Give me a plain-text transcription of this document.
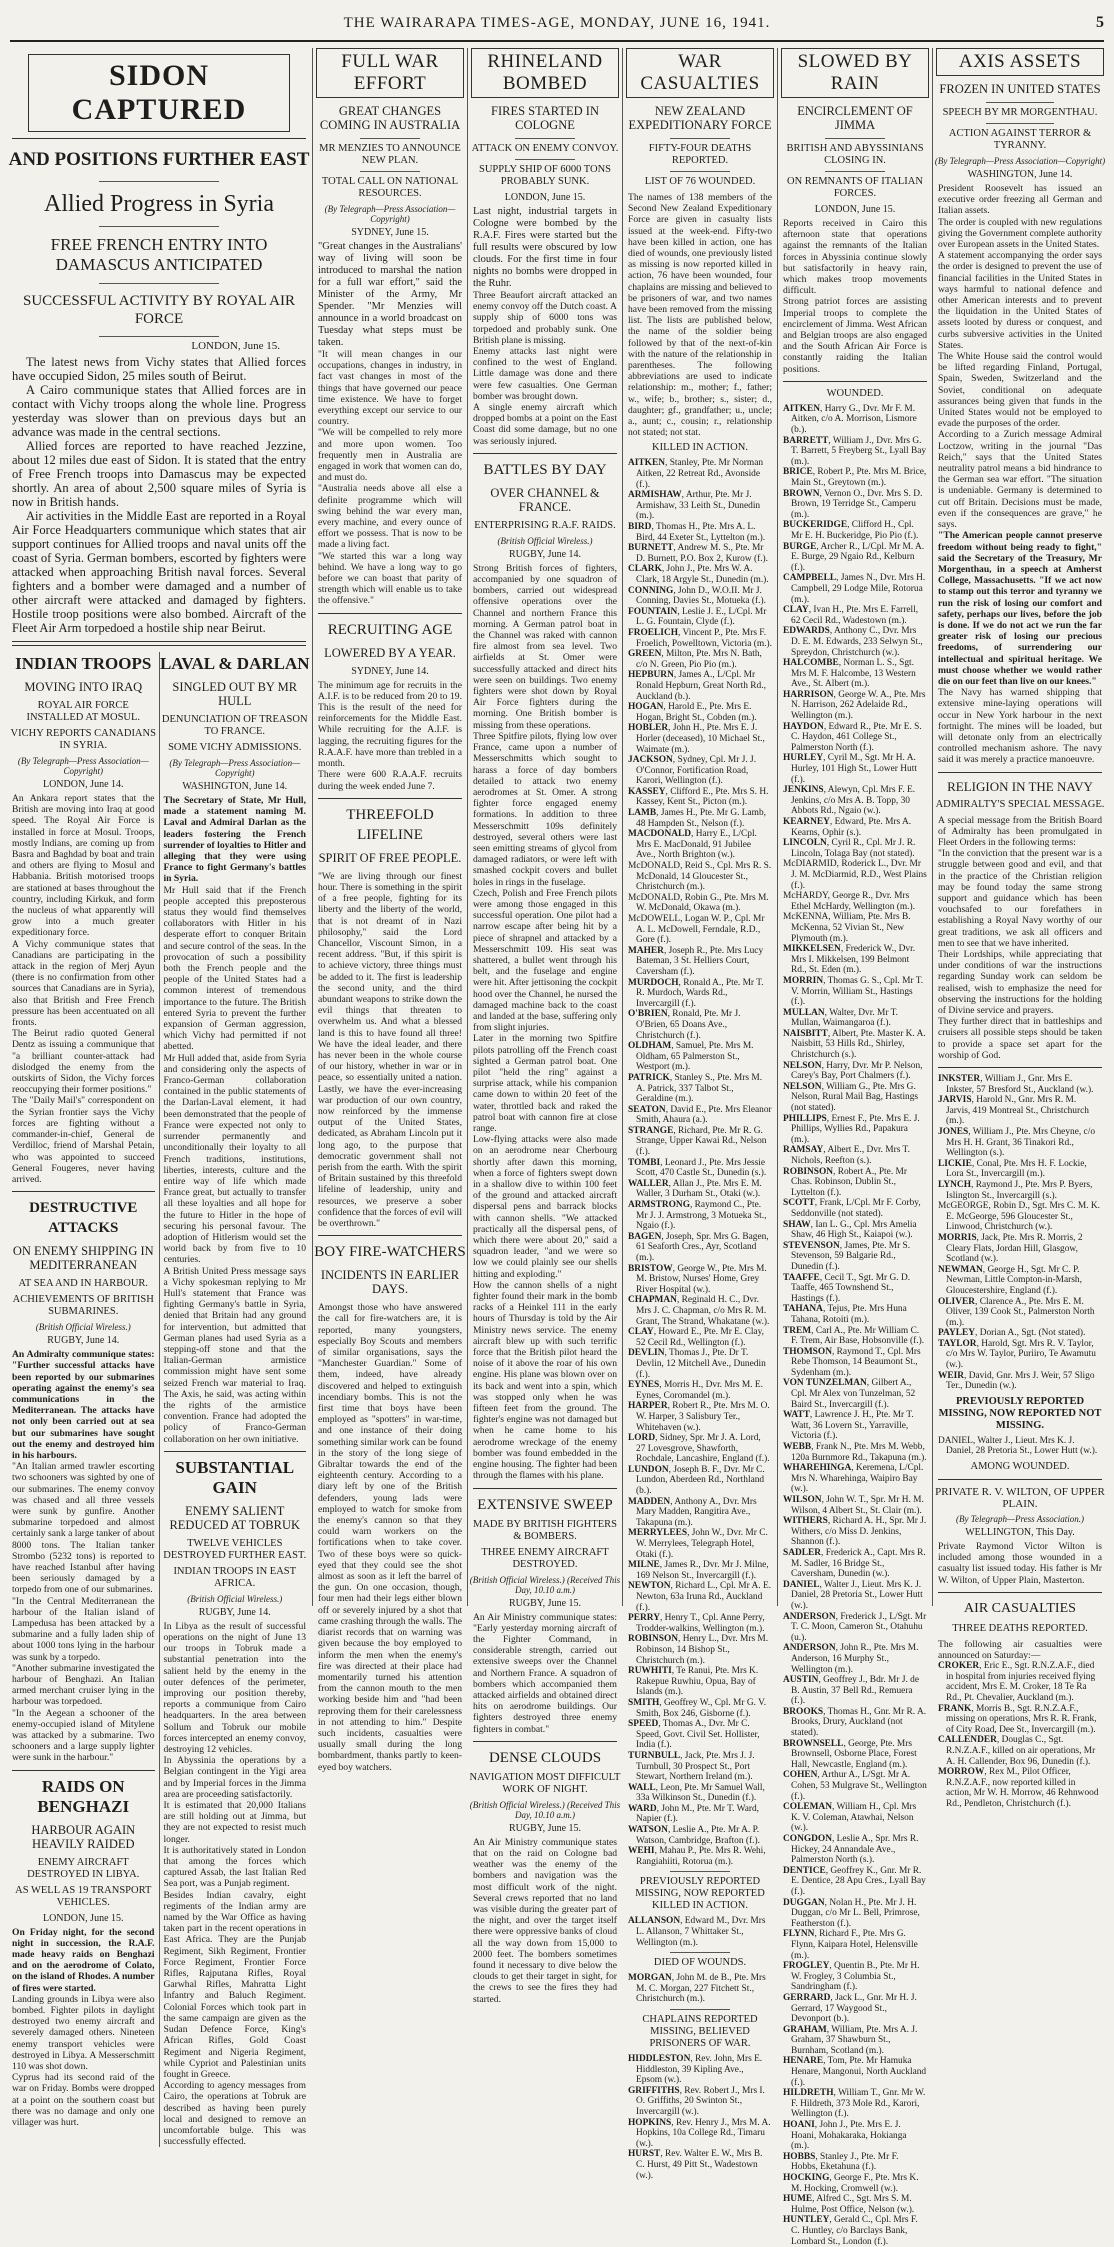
THE WAIRARAPA TIMES-AGE, MONDAY, JUNE 16, 1941.	5
SIDON CAPTURED
AND POSITIONS FURTHER EAST
Allied Progress in Syria
FREE FRENCH ENTRY INTO DAMASCUS ANTICIPATED
SUCCESSFUL ACTIVITY BY ROYAL AIR FORCE
LONDON, June 15.

The latest news from Vichy states that Allied forces have occupied Sidon, 25 miles south of Beirut.

A Cairo communique states that Allied forces are in contact with Vichy troops along the whole line. Progress yesterday was slower than on previous days but an advance was made in the central sections.

Allied forces are reported to have reached Jezzine, about 12 miles due east of Sidon. It is stated that the entry of Free French troops into Damascus may be expected shortly. An area of about 2,500 square miles of Syria is now in British hands.

Air activities in the Middle East are reported in a Royal Air Force Headquarters communique which states that air support continues for Allied troops and naval units off the coast of Syria. German bombers, escorted by fighters were attacked when approaching British naval forces. Several fighters and a bomber were damaged and a number of other aircraft were attacked and damaged by fighters. Hostile troop positions were also bombed. Aircraft of the Fleet Air Arm torpedoed a hostile ship near Beirut.

INDIAN TROOPS
MOVING INTO IRAQ
ROYAL AIR FORCE INSTALLED AT MOSUL.
VICHY REPORTS CANADIANS IN SYRIA.
(By Telegraph—Press Association—Copyright)
LONDON, June 14.

An Ankara report states that the British are moving into Iraq at good speed. The Royal Air Force is installed in force at Mosul. Troops, mostly Indians, are coming up from Basra and Baghdad by boat and train and others are flying to Mosul and Habbania. British motorised troops are stationed at bases throughout the country, including Kirkuk, and form the nucleus of what apparently will grow into a much greater expeditionary force.

A Vichy communique states that Canadians are participating in the attack in the region of Merj Ayun (there is no confirmation from other sources that Canadians are in Syria), also that British and Free French pressure has been accentuated on all fronts.

The Beirut radio quoted General Dentz as issuing a communique that "a brilliant counter-attack had dislodged the enemy from the outskirts of Sidon, the Vichy forces reoccupying their former positions."

The "Daily Mail's" correspondent on the Syrian frontier says the Vichy forces are fighting without a commander-in-chief, General de Verdilloc, friend of Marshal Petain, who was appointed to succeed General Fougeres, never having arrived.

DESTRUCTIVE ATTACKS
ON ENEMY SHIPPING IN MEDITERRANEAN
AT SEA AND IN HARBOUR.
ACHIEVEMENTS OF BRITISH SUBMARINES.
(British Official Wireless.)
RUGBY, June 14.

An Admiralty communique states: "Further successful attacks have been reported by our submarines operating against the enemy's sea communications in the Mediterranean. The attacks have not only been carried out at sea but our submarines have sought out the enemy and destroyed him in his harbours.

"An Italian armed trawler escorting two schooners was sighted by one of our submarines. The enemy convoy was chased and all three vessels were sunk by gunfire. Another submarine torpedoed and almost certainly sank a large tanker of about 8000 tons. The Italian tanker Strombo (5232 tons) is reported to have reached Istanbul after having been seriously damaged by a torpedo from one of our submarines.

"In the Central Mediterranean the harbour of the Italian island of Lampedusa has been attacked by a submarine and a fully laden ship of about 1000 tons lying in the harbour was sunk by a torpedo.

"Another submarine investigated the harbour of Benghazi. An Italian armed merchant cruiser lying in the harbour was torpedoed.

"In the Aegean a schooner of the enemy-occupied island of Mitylene was attacked by a submarine. Two schooners and a large supply lighter were sunk in the harbour."

RAIDS ON BENGHAZI
HARBOUR AGAIN HEAVILY RAIDED
ENEMY AIRCRAFT DESTROYED IN LIBYA.
AS WELL AS 19 TRANSPORT VEHICLES.
LONDON, June 15.

On Friday night, for the second night in succession, the R.A.F. made heavy raids on Benghazi and on the aerodrome of Colato, on the island of Rhodes. A number of fires were started.

Landing grounds in Libya were also bombed. Fighter pilots in daylight destroyed two enemy aircraft and severely damaged others. Nineteen enemy transport vehicles were destroyed in Libya. A Messerschmitt 110 was shot down.

Cyprus had its second raid of the war on Friday. Bombs were dropped at a point on the southern coast but there was no damage and only one villager was hurt.

LAVAL & DARLAN
SINGLED OUT BY MR HULL
DENUNCIATION OF TREASON TO FRANCE.
SOME VICHY ADMISSIONS.
(By Telegraph—Press Association—Copyright)
WASHINGTON, June 14.

The Secretary of State, Mr Hull, made a statement naming M. Laval and Admiral Darlan as the leaders fostering the French surrender of loyalties to Hitler and alleging that they were using France to fight Germany's battles in Syria.

Mr Hull said that if the French people accepted this preposterous status they would find themselves collaborators with Hitler in his desperate effort to conquer Britain and secure control of the seas. In the provocation of such a possibility both the French people and the people of the United States had a common interest of tremendous importance to the future. The British entered Syria to prevent the further expansion of German aggression, which Vichy had permitted if not abetted.

Mr Hull added that, aside from Syria and considering only the aspects of Franco-German collaboration contained in the public statements of the Darlan-Laval element, it had been demonstrated that the people of France were expected not only to surrender permanently and unconditionally their loyalty to all French traditions, institutions, liberties, interests, culture and the entire way of life which made France great, but actually to transfer all these loyalties and all hope for the future to Hitler in the hope of securing his personal favour. The adoption of Hitlerism would set the world back by from five to 10 centuries.

A British United Press message says a Vichy spokesman replying to Mr Hull's statement that France was fighting Germany's battle in Syria, denied that Britain had any ground for intervention, but admitted that German planes had used Syria as a stepping-off stone and that the Italian-German armistice commission might have sent some seized French war material to Iraq. The Axis, he said, was acting within the rights of the armistice convention. France had adopted the policy of Franco-German collaboration on her own initiative.

SUBSTANTIAL GAIN
ENEMY SALIENT REDUCED AT TOBRUK
TWELVE VEHICLES DESTROYED FURTHER EAST.
INDIAN TROOPS IN EAST AFRICA.
(British Official Wireless.)
RUGBY, June 14.

In Libya as the result of successful operations on the night of June 13 our troops in Tobruk made a substantial penetration into the salient held by the enemy in the outer defences of the perimeter, improving our position thereby, reports a communique from Cairo headquarters. In the area between Sollum and Tobruk our mobile forces intercepted an enemy convoy, destroying 12 vehicles.

In Abyssinia the operations by a Belgian contingent in the Yigi area and by Imperial forces in the Jimma area are proceeding satisfactorily.

It is estimated that 20,000 Italians are still holding out at Jimma, but they are not expected to resist much longer.

It is authoritatively stated in London that among the forces which captured Assab, the last Italian Red Sea port, was a Punjab regiment.

Besides Indian cavalry, eight regiments of the Indian army are named by the War Office as having taken part in the recent operations in East Africa. They are the Punjab Regiment, Sikh Regiment, Frontier Force Regiment, Frontier Force Rifles, Rajputana Rifles, Royal Garwhal Rifles, Mahratta Light Infantry and Baluch Regiment. Colonial Forces which took part in the same campaign are given as the Sudan Defence Force, King's African Rifles, Gold Coast Regiment and Nigeria Regiment, while Cypriot and Palestinian units fought in Greece.

According to agency messages from Cairo, the operations at Tobruk are described as having been purely local and designed to remove an uncomfortable bulge. This was successfully effected.

FULL WAR EFFORT
GREAT CHANGES COMING IN AUSTRALIA
MR MENZIES TO ANNOUNCE NEW PLAN.
TOTAL CALL ON NATIONAL RESOURCES.
(By Telegraph—Press Association—Copyright)
SYDNEY, June 15.

"Great changes in the Australians' way of living will soon be introduced to marshal the nation for a full war effort," said the Minister of the Army, Mr Spender. "Mr Menzies will announce in a world broadcast on Tuesday what steps must be taken.

"It will mean changes in our occupations, changes in industry, in fact vast changes in most of the things that have governed our peace time existence. We have to forget everything except our service to our country.

"We will be compelled to rely more and more upon women. Too frequently men in Australia are engaged in work that women can do, and must do.

"Australia needs above all else a definite programme which will swing behind the war every man, every machine, and every ounce of effort we possess. That is now to be made a living fact.

"We started this war a long way behind. We have a long way to go before we can boast that parity of strength which will enable us to take the offensive."

RECRUITING AGE
LOWERED BY A YEAR.
SYDNEY, June 14.

The minimum age for recruits in the A.I.F. is to be reduced from 20 to 19. This is the result of the need for reinforcements for the Middle East. While recruiting for the A.I.F. is lagging, the recruiting figures for the R.A.A.F. have more than trebled in a month.

There were 600 R.A.A.F. recruits during the week ended June 7.

THREEFOLD LIFELINE
SPIRIT OF FREE PEOPLE.

"We are living through our finest hour. There is something in the spirit of a free people, fighting for its liberty and the liberty of the world, that is not dreamt of in Nazi philosophy," said the Lord Chancellor, Viscount Simon, in a recent address. "But, if this spirit is to achieve victory, three things must be added to it. The first is leadership the second unity, and the third abundant weapons to strike down the evil things that threaten to overwhelm us. And what a blessed land is this to have found all three! We have the ideal leader, and there has never been in the whole course of our history, whether in war or in peace, so essentially united a nation. Lastly, we have the ever-increasing war production of our own country, now reinforced by the immense output of the United States, dedicated, as Abraham Lincoln put it long ago, to the purpose that democratic government shall not perish from the earth. With the spirit of Britain sustained by this threefold lifeline of leadership, unity and resources, we preserve a sober confidence that the forces of evil will be overthrown."

BOY FIRE-WATCHERS
INCIDENTS IN EARLIER DAYS.

Amongst those who have answered the call for fire-watchers are, it is reported, many youngsters, especially Boy Scouts and members of similar organisations, says the "Manchester Guardian." Some of them, indeed, have already discovered and helped to extinguish incendiary bombs. This is not the first time that boys have been employed as "spotters" in war-time, and one instance of their doing something similar work can be found in the story of the long siege of Gibraltar towards the end of the eighteenth century. According to a diary left by one of the British defenders, young lads were employed to watch for smoke from the enemy's cannon so that they could warn workers on the fortifications when to take cover. Two of these boys were so quick-eyed that they could see the shot almost as soon as it left the barrel of the gun. On one occasion, though, four men had their legs either blown off or severely injured by a shot that came crashing through the walls. The diarist records that on warning was given because the boy employed to inform the men when the enemy's fire was directed at their place had momentarily turned his attention from the cannon mouth to the men working beside him and "had been reproving them for their carelessness in not attending to him." Despite such incidents, casualties were usually small during the long bombardment, thanks partly to keen-eyed boy watchers.

RHINELAND BOMBED
FIRES STARTED IN COLOGNE
ATTACK ON ENEMY CONVOY.
SUPPLY SHIP OF 6000 TONS PROBABLY SUNK.
LONDON, June 15.

Last night, industrial targets in Cologne were bombed by the R.A.F. Fires were started but the full results were obscured by low clouds. For the first time in four nights no bombs were dropped in the Ruhr.

Three Beaufort aircraft attacked an enemy convoy off the Dutch coast. A supply ship of 6000 tons was torpedoed and probably sunk. One British plane is missing.

Enemy attacks last night were confined to the west of England. Little damage was done and there were few casualties. One German bomber was brought down.

A single enemy aircraft which dropped bombs at a point on the East Coast did some damage, but no one was seriously injured.

BATTLES BY DAY
OVER CHANNEL & FRANCE.
ENTERPRISING R.A.F. RAIDS.
(British Official Wireless.)
RUGBY, June 14.

Strong British forces of fighters, accompanied by one squadron of bombers, carried out widespread offensive operations over the Channel and northern France this morning. A German patrol boat in the Channel was raked with cannon fire almost from sea level. Two airfields at St. Omer were successfully attacked and direct hits were seen on buildings. Two enemy fighters were shot down by Royal Air Force fighters during the morning. One British bomber is missing from these operations.

Three Spitfire pilots, flying low over France, came upon a number of Messerschmitts which sought to harass a force of day bombers detailed to attack two enemy aerodromes at St. Omer. A strong fighter force engaged enemy formations. In addition to three Messerschmitt 109s definitely destroyed, several others were last seen emitting streams of glycol from damaged radiators, or were left with smashed cockpit covers and bullet holes in rings in the fuselage.

Czech, Polish and Free French pilots were among those engaged in this successful operation. One pilot had a narrow escape after being hit by a piece of shrapnel and attacked by a Messerschmitt 109. His seat was shattered, a bullet went through his belt, and the fuselage and engine were hit. After jettisoning the cockpit hood over the Channel, he nursed the damaged machine back to the coast and landed at the base, suffering only from slight injuries.

Later in the morning two Spitfire pilots patrolling off the French coast sighted a German patrol boat. One pilot "held the ring" against a surprise attack, while his companion came down to within 20 feet of the water, throttled back and raked the patrol boat with cannon fire at close range.

Low-flying attacks were also made on an aerodrome near Cherbourg shortly after dawn this morning, when a force of fighters swept down in a shallow dive to within 100 feet of the ground and attacked aircraft dispersal pens and barrack blocks with cannon shells. "We attacked practically all the dispersal pens, of which there were about 20," said a squadron leader, "and we were so low we could plainly see our shells hitting and exploding."

How the cannon shells of a night fighter found their mark in the bomb racks of a Heinkel 111 in the early hours of Thursday is told by the Air Ministry news service. The enemy aircraft blew up with such terrific force that the British pilot heard the noise of it above the roar of his own engine. His plane was blown over on its back and went into a spin, which was stopped only when he was fifteen feet from the ground. The fighter's engine was not damaged but when he came home to his aerodrome wreckage of the enemy bomber was found embedded in the engine housing. The fighter had been through the flames with his plane.

EXTENSIVE SWEEP
MADE BY BRITISH FIGHTERS & BOMBERS.
THREE ENEMY AIRCRAFT DESTROYED.
(British Official Wireless.) (Received This Day, 10.10 a.m.)
RUGBY, June 15.

An Air Ministry communique states: "Early yesterday morning aircraft of the Fighter Command, in considerable strength, carried out extensive sweeps over the Channel and Northern France. A squadron of bombers which accompanied them attacked airfields and obtained direct hits on aerodrome buildings. Our fighters destroyed three enemy fighters in combat."

DENSE CLOUDS
NAVIGATION MOST DIFFICULT WORK OF NIGHT.
(British Official Wireless.) (Received This Day, 10.10 a.m.)
RUGBY, June 15.

An Air Ministry communique states that on the raid on Cologne bad weather was the enemy of the bombers and navigation was the most difficult work of the night. Several crews reported that no land was visible during the greater part of the night, and over the target itself there were oppressive banks of cloud all the way down from 15,000 to 2000 feet. The bombers sometimes found it necessary to dive below the clouds to get their target in sight, for the crews to see the fires they had started.

WAR CASUALTIES
NEW ZEALAND EXPEDITIONARY FORCE
FIFTY-FOUR DEATHS REPORTED.
LIST OF 76 WOUNDED.

The names of 138 members of the Second New Zealand Expeditionary Force are given in casualty lists issued at the week-end. Fifty-two have been killed in action, one has died of wounds, one previously listed as missing is now reported killed in action, 76 have been wounded, four chaplains are missing and believed to be prisoners of war, and two names have been removed from the missing list. The lists are published below, the name of the soldier being followed by that of the next-of-kin with the nature of the relationship in parentheses. The following abbreviations are used to indicate relationship: m., mother; f., father; w., wife; b., brother; s., sister; d., daughter; gf., grandfather; u., uncle; a., aunt; c., cousin; r., relationship not stated; not stat.

KILLED IN ACTION.

AITKEN, Stanley, Pte. Mr Norman Aitken, 22 Retreat Rd., Avonside (f.).

ARMISHAW, Arthur, Pte. Mr J. Armishaw, 33 Leith St., Dunedin (m.).

BIRD, Thomas H., Pte. Mrs A. L. Bird, 44 Exeter St., Lyttelton (m.).

BURNETT, Andrew M. S., Pte. Mr D. Burnett, P.O. Box 2, Kurow (f.).

CLARK, John J., Pte. Mrs W. A. Clark, 18 Argyle St., Dunedin (m.).

CONNING, John D., W.O.II. Mr J. Conning, Davies St., Motueka (f.).

FOUNTAIN, Leslie J. E., L/Cpl. Mr L. G. Fountain, Clyde (f.).

FROELICH, Vincent P., Pte. Mrs F. Froelich, Powelltown, Victoria (m.).

GREEN, Milton, Pte. Mrs N. Bath, c/o N. Green, Pio Pio (m.).

HEPBURN, James A., L/Cpl. Mr Ronald Hepburn, Great North Rd., Auckland (b.).

HOGAN, Harold E., Pte. Mrs E. Hogan, Bright St., Cobden (m.).

HOBLER, John H., Pte. Mrs E. J. Horler (deceased), 10 Michael St., Waimate (m.).

JACKSON, Sydney, Cpl. Mr J. J. O'Connor, Fortification Road, Karori, Wellington (f.).

KASSEY, Clifford E., Pte. Mrs S. H. Kassey, Kent St., Picton (m.).

LAMB, James H., Pte. Mr G. Lamb, 48 Hampden St., Nelson (f.).

MACDONALD, Harry E., L/Cpl. Mrs E. MacDonald, 91 Jubilee Ave., North Brighton (w.).

McDONALD, Reid S., Cpl. Mrs R. S. McDonald, 14 Gloucester St., Christchurch (m.).

McDONALD, Robin G., Pte. Mrs M. W. McDonald, Okawa (m.).

McDOWELL, Logan W. P., Cpl. Mr A. L. McDowell, Ferndale, R.D., Gore (f.).

MAHER, Joseph R., Pte. Mrs Lucy Bateman, 3 St. Helliers Court, Caversham (f.).

MURDOCH, Ronald A., Pte. Mr T. R. Murdoch, Wards Rd., Invercargill (f.).

O'BRIEN, Ronald, Pte. Mr J. O'Brien, 65 Doans Ave., Christchurch (f.).

OLDHAM, Samuel, Pte. Mrs M. Oldham, 65 Palmerston St., Westport (m.).

PATRICK, Stanley S., Pte. Mrs M. A. Patrick, 337 Talbot St., Geraldine (m.).

SEATON, David E., Pte. Mrs Eleanor Smith, Ahaura (a.).

STRANGE, Richard, Pte. Mr R. G. Strange, Upper Kawai Rd., Nelson (f.).

TOMBI, Leonard J., Pte. Mrs Jessie Scott, 470 Castle St., Dunedin (s.).

WALLER, Allan J., Pte. Mrs E. M. Waller, 3 Durham St., Otaki (w.).

ARMSTRONG, Raymond C., Pte. Mr J. J. Armstrong, 3 Motueka St., Ngaio (f.).

BAGEN, Joseph, Spr. Mrs G. Bagen, 61 Seaforth Cres., Ayr, Scotland (m.).

BRISTOW, George W., Pte. Mrs M. M. Bristow, Nurses' Home, Grey River Hospital (w.).

CHAPMAN, Reginald H. C., Dvr. Mrs J. C. Chapman, c/o Mrs R. M. Grant, The Strand, Whakatane (w.).

CLAY, Howard E., Pte. Mr E. Clay, 52 Cecil Rd., Wellington (f.).

DEVLIN, Thomas J., Pte. Dr T. Devlin, 12 Mitchell Ave., Dunedin (f.).

EYNES, Morris H., Dvr. Mrs M. E. Eynes, Coromandel (m.).

HARPER, Robert R., Pte. Mrs M. O. W. Harper, 3 Salisbury Ter., Whitehaven (w.).

LORD, Sidney, Spr. Mr J. A. Lord, 27 Lovesgrove, Shawforth, Rochdale, Lancashire, England (f.).

LUNDON, Joseph B. F., Dvr. Mr C. Lundon, Aberdeen Rd., Northland (b.).

MADDEN, Anthony A., Dvr. Mrs Mary Madden, Rangitira Ave., Takapuna (m.).

MERRYLEES, John W., Dvr. Mr C. W. Merrylees, Telegraph Hotel, Otaki (f.).

MILNE, James R., Dvr. Mr J. Milne, 169 Nelson St., Invercargill (f.).

NEWTON, Richard L., Cpl. Mr A. E. Newton, 63a Iruna Rd., Auckland (f.).

PERRY, Henry T., Cpl. Anne Perry, Trodder-walkins, Wellington (m.).

ROBINSON, Henry L., Dvr. Mrs M. Robinson, 14 Bishop St., Christchurch (m.).

RUWHITI, Te Ranui, Pte. Mrs K. Rakepue Ruwhiu, Opua, Bay of Islands (m.).

SMITH, Geoffrey W., Cpl. Mr G. V. Smith, Box 246, Gisborne (f.).

SPEED, Thomas A., Dvr. Mr C. Speed, Govt. Civil Set. Hollister, India (f.).

TURNBULL, Jack, Pte. Mrs J. J. Turnbull, 30 Prospect St., Port Stewart, Northern Ireland (m.).

WALL, Leon, Pte. Mr Samuel Wall, 33a Wilkinson St., Dunedin (f.).

WARD, John M., Pte. Mr T. Ward, Napier (f.).

WATSON, Leslie A., Pte. Mr A. P. Watson, Cambridge, Brafton (f.).

WEHI, Mahau P., Pte. Mrs R. Wehi, Rangiahiiti, Rotorua (m.).

PREVIOUSLY REPORTED MISSING, NOW REPORTED KILLED IN ACTION.

ALLANSON, Edward M., Dvr. Mrs L. Allanson, 7 Whittaker St., Wellington (m.).

DIED OF WOUNDS.

MORGAN, John M. de B., Pte. Mrs M. C. Morgan, 227 Fitchett St., Christchurch (m.).

CHAPLAINS REPORTED MISSING, BELIEVED PRISONERS OF WAR.

HIDDLESTON, Rev. John, Mrs E. Hiddleston, 39 Kipling Ave., Epsom (w.).

GRIFFITHS, Rev. Robert J., Mrs I. O. Griffiths, 20 Swinton St., Invercargill (w.).

HOPKINS, Rev. Henry J., Mrs M. A. Hopkins, 10a College Rd., Timaru (w.).

HURST, Rev. Walter E. W., Mrs B. C. Hurst, 49 Pitt St., Wadestown (w.).

SLOWED BY RAIN
ENCIRCLEMENT OF JIMMA
BRITISH AND ABYSSINIANS CLOSING IN.
ON REMNANTS OF ITALIAN FORCES.
LONDON, June 15.

Reports received in Cairo this afternoon state that operations against the remnants of the Italian forces in Abyssinia continue slowly but satisfactorily in heavy rain, which makes troop movements difficult.

Strong patriot forces are assisting Imperial troops to complete the encirclement of Jimma. West African and Belgian troops are also engaged and the South African Air Force is constantly raiding the Italian positions.

WOUNDED.

AITKEN, Harry G., Dvr. Mr F. M. Aitken, c/o A. Morrison, Lismore (b.).

BARRETT, William J., Dvr. Mrs G. T. Barrett, 5 Freyberg St., Lyall Bay (m.).

BRICE, Robert P., Pte. Mrs M. Brice, Main St., Greytown (m.).

BROWN, Vernon O., Dvr. Mrs S. D. Brown, 19 Terridge St., Camperu (m.).

BUCKERIDGE, Clifford H., Cpl. Mr E. H. Buckeridge, Pio Pio (f.).

BURGE, Archer R., L/Cpl. Mr M. A. E. Burge, 29 Ngaio Rd., Kelburn (f.).

CAMPBELL, James N., Dvr. Mrs H. Campbell, 29 Lodge Mile, Rotorua (m.).

CLAY, Ivan H., Pte. Mrs E. Farrell, 62 Cecil Rd., Wadestown (m.).

EDWARDS, Anthony C., Dvr. Mrs D. E. M. Edwards, 233 Selwyn St., Spreydon, Christchurch (w.).

HALCOMBE, Norman L. S., Sgt. Mrs M. F. Halcombe, 13 Western Ave., St. Albert (m.).

HARRISON, George W. A., Pte. Mrs N. Harrison, 262 Adelaide Rd., Wellington (m.).

HAYDON, Edward R., Pte. Mr E. S. C. Haydon, 461 College St., Palmerston North (f.).

HURLEY, Cyril M., Sgt. Mr H. A. Hurley, 101 High St., Lower Hutt (f.).

JENKINS, Alewyn, Cpl. Mrs F. E. Jenkins, c/o Mrs A. B. Topp, 30 Abbots Rd., Ngaio (w.).

KEARNEY, Edward, Pte. Mrs A. Kearns, Ophir (s.).

LINCOLN, Cyril R., Cpl. Mr J. R. Lincoln, Tolaga Bay (not stated).

McDIARMID, Roderick L., Dvr. Mr J. M. McDiarmid, R.D., West Plains (f.).

McHARDY, George R., Dvr. Mrs Ethel McHardy, Wellington (m.).

McKENNA, William, Pte. Mrs B. McKenna, 52 Vivian St., New Plymouth (m.).

MIKKELSEN, Frederick W., Dvr. Mrs I. Mikkelsen, 199 Belmont Rd., St. Eden (m.).

MORRIN, Thomas G. S., Cpl. Mr T. V. Morrin, William St., Hastings (f.).

MULLAN, Walter, Dvr. Mr T. Mullan, Waimangaroa (f.).

NAISBITT, Albert, Pte. Master K. A. Naisbitt, 53 Hills Rd., Shirley, Christchurch (s.).

NELSON, Harry, Dvr. Mr P. Nelson, Carey's Bay, Port Chalmers (f.).

NELSON, William G., Pte. Mrs G. Nelson, Rural Mail Bag, Hastings (not stated).

PHILLIPS, Ernest F., Pte. Mrs E. J. Phillips, Wyllies Rd., Papakura (m.).

RAMSAY, Albert E., Dvr. Mrs T. Nichols, Reefton (s.).

ROBINSON, Robert A., Pte. Mr Chas. Robinson, Dublin St., Lyttelton (f.).

SCOTT, Frank, L/Cpl. Mr F. Corby, Seddonville (not stated).

SHAW, Ian L. G., Cpl. Mrs Amelia Shaw, 46 High St., Kaiapoi (w.).

STEVENSON, James, Pte. Mr S. Stevenson, 59 Balgarie Rd., Dunedin (f.).

TAAFFE, Cecil T., Sgt. Mr G. D. Taaffe, 465 Townshend St., Hastings (f.).

TAHANA, Tejus, Pte. Mrs Huna Tahana, Rotoiti (m.).

TREM, Carl A., Pte. Mr William C. F. Trem, Air Base, Hobsonville (f.).

THOMSON, Raymond T., Cpl. Mrs Rebe Thomson, 14 Beaumont St., Sydenham (m.).

VON TUNZELMAN, Gilbert A., Cpl. Mr Alex von Tunzelman, 52 Baird St., Invercargill (f.).

WATT, Lawrence J. H., Pte. Mr T. Watt, 36 Lovern St., Yarraville, Victoria (f.).

WEBB, Frank N., Pte. Mrs M. Webb, 120a Burnmore Rd., Takapuna (m.).

WHAREHINGA, Keremena, L/Cpl. Mrs N. Wharehinga, Waipiro Bay (w.).

WILSON, John W. T., Spr. Mr H. M. Wilson, 4 Albert St., St. Clair (m.).

WITHERS, Richard A. H., Spr. Mr J. Withers, c/o Miss D. Jenkins, Shannon (f.).

SADLER, Frederick A., Capt. Mrs R. M. Sadler, 16 Bridge St., Caversham, Dunedin (w.).

DANIEL, Walter J., Lieut. Mrs K. J. Daniel, 28 Pretoria St., Lower Hutt (w.).

ANDERSON, Frederick J., L/Sgt. Mr T. C. Moon, Cameron St., Otahuhu (u.).

ANDERSON, John R., Pte. Mrs M. Anderson, 16 Murphy St., Wellington (m.).

AUSTIN, Geoffrey J., Bdr. Mr J. de B. Austin, 37 Bell Rd., Remuera (f.).

BROOKS, Thomas H., Gnr. Mr R. A. Brooks, Drury, Auckland (not stated).

BROWNSELL, George, Pte. Mrs Brownsell, Osborne Place, Forest Hall, Newcastle, England (m.).

COHEN, Arthur A., L/Sgt. Mr A. Cohen, 53 Mulgrave St., Wellington (f.).

COLEMAN, William H., Cpl. Mrs K. V. Coleman, Atawhai, Nelson (w.).

CONGDON, Leslie A., Spr. Mrs R. Hickey, 24 Annandale Ave., Palmerston North (s.).

DENTICE, Geoffrey K., Gnr. Mr R. E. Dentice, 28 Apu Cres., Lyall Bay (f.).

DUGGAN, Nolan H., Pte. Mr J. H. Duggan, c/o Mr L. Bell, Primrose, Featherston (f.).

FLYNN, Richard F., Pte. Mrs G. Flynn, Kaipara Hotel, Helensville (m.).

FROGLEY, Quentin B., Pte. Mr H. W. Frogley, 3 Columbia St., Sandringham (f.).

GERRARD, Jack L., Gnr. Mr H. J. Gerrard, 17 Waygood St., Devonport (b.).

GRAHAM, William, Pte. Mrs A. J. Graham, 37 Shawburn St., Burnham, Scotland (m.).

HENARE, Tom, Pte. Mr Hamuka Henare, Mangonui, North Auckland (f.).

HILDRETH, William T., Gnr. Mr W. F. Hildreth, 373 Mole Rd., Karori, Wellington (f.).

HOANI, John J., Pte. Mrs E. J. Hoani, Mohakaraka, Hokianga (m.).

HOBBS, Stanley J., Pte. Mr F. Hobbs, Eketahuna (f.).

HOCKING, George F., Pte. Mrs K. M. Hocking, Cromwell (w.).

HUME, Alfred C., Sgt. Mrs S. M. Hulme, Post Office, Nelson (w.).

HUNTLEY, Gerald C., Cpl. Mrs F. C. Huntley, c/o Barclays Bank, Lombard St., London (f.).

AXIS ASSETS
FROZEN IN UNITED STATES
SPEECH BY MR MORGENTHAU.
ACTION AGAINST TERROR & TYRANNY.
(By Telegraph—Press Association—Copyright)
WASHINGTON, June 14.

President Roosevelt has issued an executive order freezing all German and Italian assets.

The order is coupled with new regulations giving the Government complete authority over European assets in the United States.

A statement accompanying the order says the order is designed to prevent the use of financial facilities in the United States in ways harmful to national defence and other American interests and to prevent the liquidation in the United States of assets looted by duress or conquest, and curbs subversive activities in the United States.

The White House said the control would be lifted regarding Finland, Portugal, Spain, Sweden, Switzerland and the Soviet, conditional on adequate assurances being given that funds in the United States would not be employed to evade the purposes of the order.

According to a Zurich message Admiral Loctzow, writing in the journal "Das Reich," says that the United States neutrality patrol means a bid hindrance to the German sea war effort. "The situation is undeniable. Germany is determined to cut off Britain. Decisions must be made, even if the consequences are grave," he says.

"The American people cannot preserve freedom without being ready to fight," said the Secretary of the Treasury, Mr Morgenthau, in a speech at Amherst College, Massachusetts. "If we act now to stamp out this terror and tyranny we run the risk of losing our comfort and safety, perhaps our lives, before the job is done. If we do not act we run the far greater risk of losing our precious freedoms, of surrendering our intellectual and spiritual heritage. We must choose whether we would rather die on our feet than live on our knees."

The Navy has warned shipping that extensive mine-laying operations will occur in New York harbour in the next fortnight. The mines will be loaded, but will detonate only from an electrically controlled mechanism ashore. The navy said it was merely a practice manoeuvre.

RELIGION IN THE NAVY
ADMIRALTY'S SPECIAL MESSAGE.

A special message from the British Board of Admiralty has been promulgated in Fleet Orders in the following terms:

"In the conviction that the present war is a struggle between good and evil, and that in the practice of the Christian religion may be found today the same strong support and guidance which has been vouchsafed to our forefathers in establishing a Royal Navy worthy of our great traditions, we ask all officers and men to see that we have inherited.

Their Lordships, while appreciating that under conditions of war the instructions regarding Sunday work can seldom be realised, wish to emphasize the need for observing the instructions for the holding of Divine service and prayers.

They further direct that in battleships and cruisers all possible steps should be taken to provide a space set apart for the worship of God.

INKSTER, William J., Gnr. Mrs E. Inkster, 57 Bresford St., Auckland (w.).

JARVIS, Harold N., Gnr. Mrs R. M. Jarvis, 419 Montreal St., Christchurch (m.).

JONES, William J., Pte. Mrs Cheyne, c/o Mrs H. H. Grant, 36 Tinakori Rd., Wellington (s.).

LICKIE, Conal, Pte. Mrs H. F. Lockie, Lora St., Invercargill (m.).

LYNCH, Raymond J., Pte. Mrs P. Byers, Islington St., Invercargill (s.).

McGEORGE, Robin D., Sgt. Mrs C. M. K. E. McGeorge, 596 Gloucester St., Linwood, Christchurch (w.).

MORRIS, Jack, Pte. Mrs R. Morris, 2 Cleary Flats, Jordan Hill, Glasgow, Scotland (w.).

NEWMAN, George H., Sgt. Mr C. P. Newman, Little Compton-in-Marsh, Gloucestershire, England (f.).

OLIVER, Clarence A., Pte. Mrs E. M. Oliver, 139 Cook St., Palmerston North (m.).

PAYLEY, Dorian A., Sgt. (Not stated).

TAYLOR, Harold, Sgt. Mrs R. V. Taylor, c/o Mrs W. Taylor, Puriiro, Te Awamutu (w.).

WEIR, David, Gnr. Mrs J. Weir, 57 Sligo Ter., Dunedin (w.).

PREVIOUSLY REPORTED MISSING, NOW REPORTED NOT MISSING.

DANIEL, Walter J., Lieut. Mrs K. J. Daniel, 28 Pretoria St., Lower Hutt (w.).

AMONG WOUNDED.
PRIVATE R. V. WILTON, OF UPPER PLAIN.
(By Telegraph—Press Association.)
WELLINGTON, This Day.

Private Raymond Victor Wilton is included among those wounded in a casualty list issued today. His father is Mr W. Wilton, of Upper Plain, Masterton.

AIR CASUALTIES
THREE DEATHS REPORTED.

The following air casualties were announced on Saturday:—

CROKER, Eric E., Sgt. R.N.Z.A.F., died in hospital from injuries received flying accident, Mrs E. M. Croker, 18 Te Ra Rd., Pt. Chevalier, Auckland (m.).

FRANK, Morris B., Sgt. R.N.Z.A.F., missing on operations, Mrs R. R. Frank, of City Road, Dee St., Invercargill (m.).

CALLENDER, Douglas C., Sgt. R.N.Z.A.F., killed on air operations, Mr A. H. Callender, Box 96, Dunedin (f.).

MORROW, Rex M., Pilot Officer, R.N.Z.A.F., now reported killed in action, Mr W. H. Morrow, 46 Rehnwood Rd., Pendleton, Christchurch (f.).
